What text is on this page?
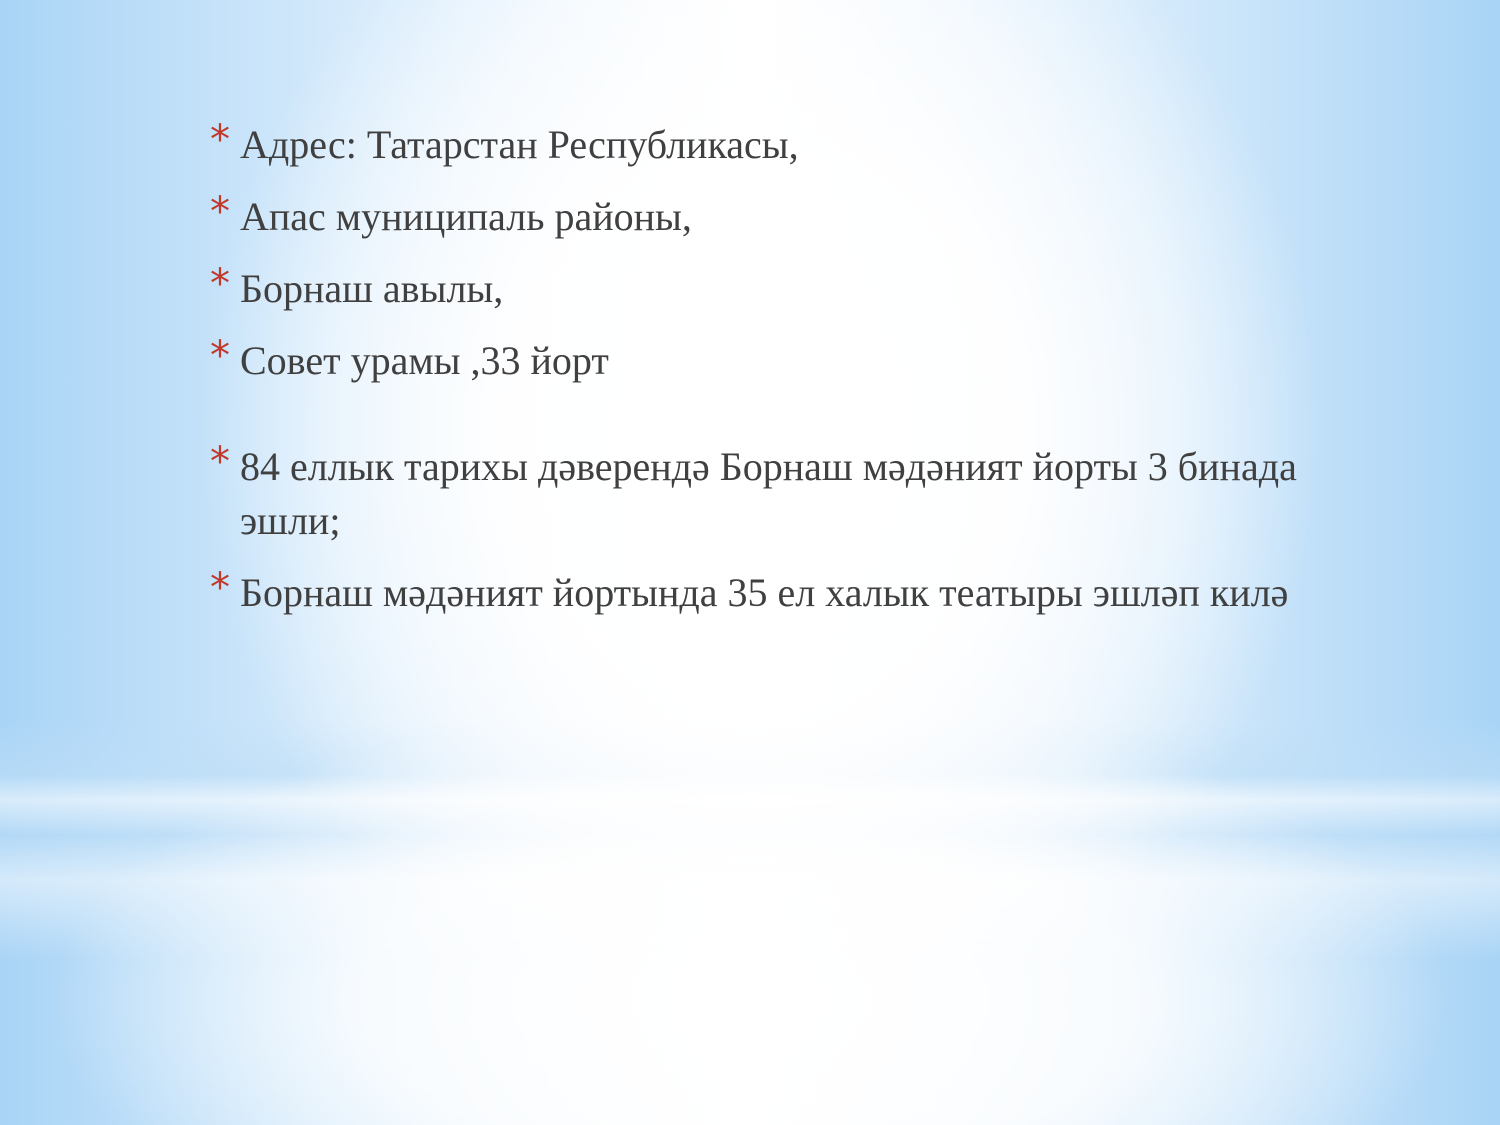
* Адрес: Татарстан Республикасы,
* Апас муниципаль районы,
* Борнаш авылы,
* Совет урамы ,33 йорт
* 84 еллык тарихы дәверендә Борнаш мәдәният йорты 3 бинада эшли;
* Борнаш мәдәният йортында 35 ел халык театыры эшләп килә
